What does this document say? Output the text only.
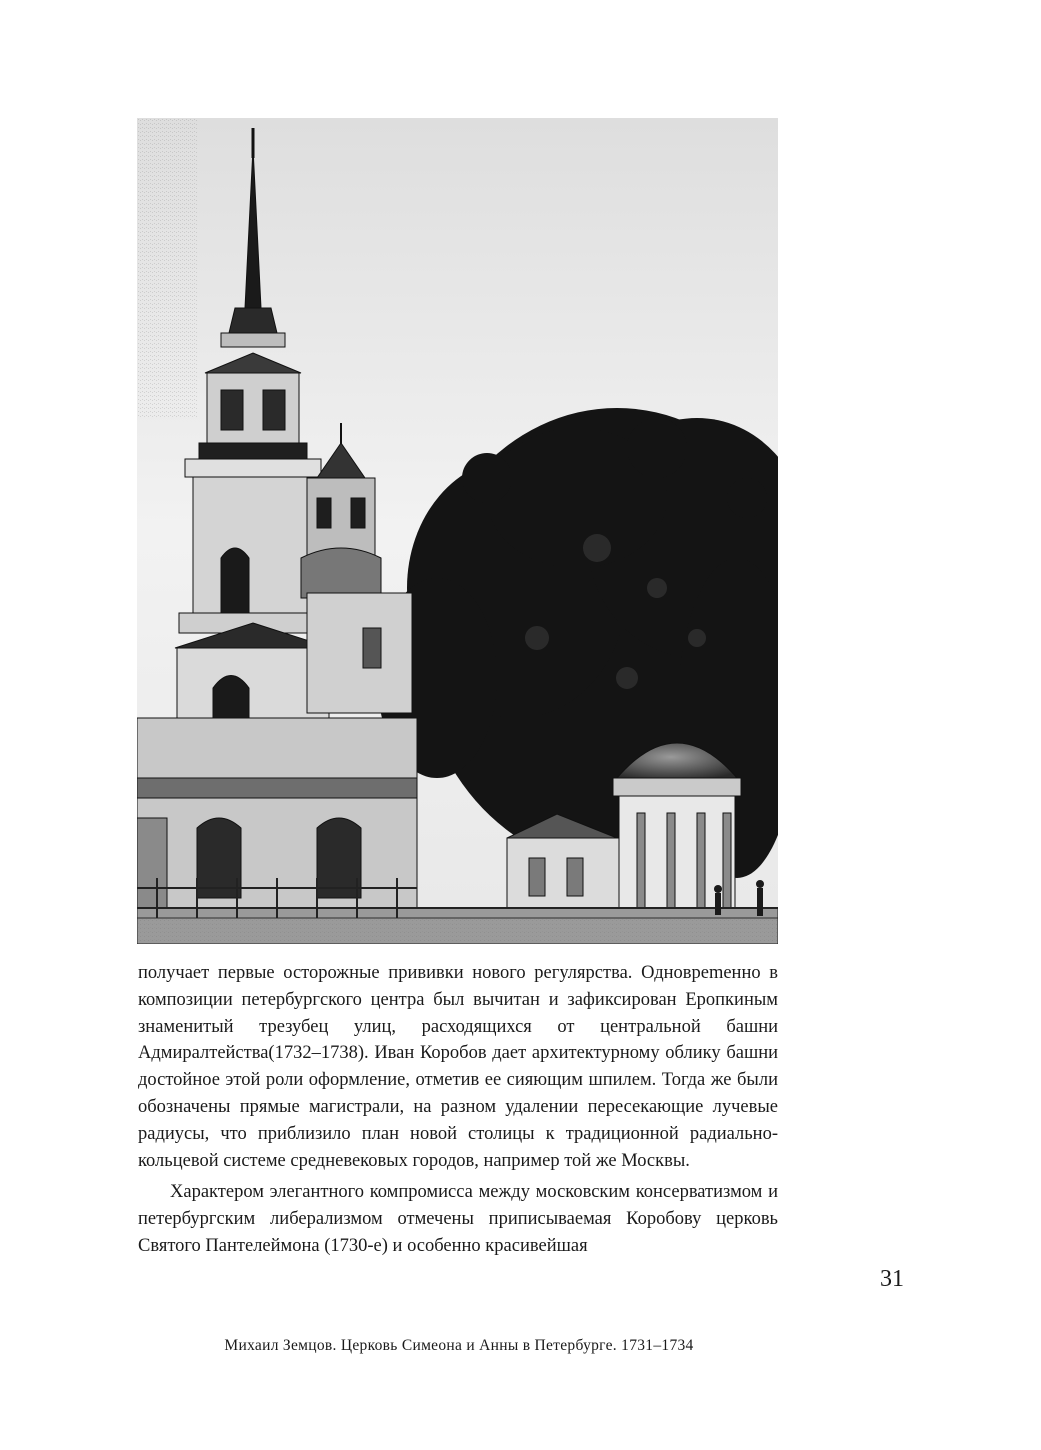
получает первые осторожные прививки нового регулярства. Одновреmенно в композиции петербургского центра был вычитан и зафиксирован Еропкиным знаменитый трезубец улиц, расходящихся от центральной башни Адмиралтейства(1732–1738). Иван Коробов дает архитектурному облику башни достойное этой роли оформление, отметив ее сияющим шпилем. Тогда же были обозначены прямые магистрали, на разном удалении пересекающие лучевые радиусы, что приблизило план новой столицы к традиционной радиально-кольцевой системе средневековых городов, например той же Москвы.

Характером элегантного компромисса между московским консерватизмом и петербургским либерализмом отмечены приписываемая Коробову церковь Святого Пантелеймона (1730-е) и особенно красивейшая

31
Михаил Земцов. Церковь Симеона и Анны в Петербурге. 1731–1734
